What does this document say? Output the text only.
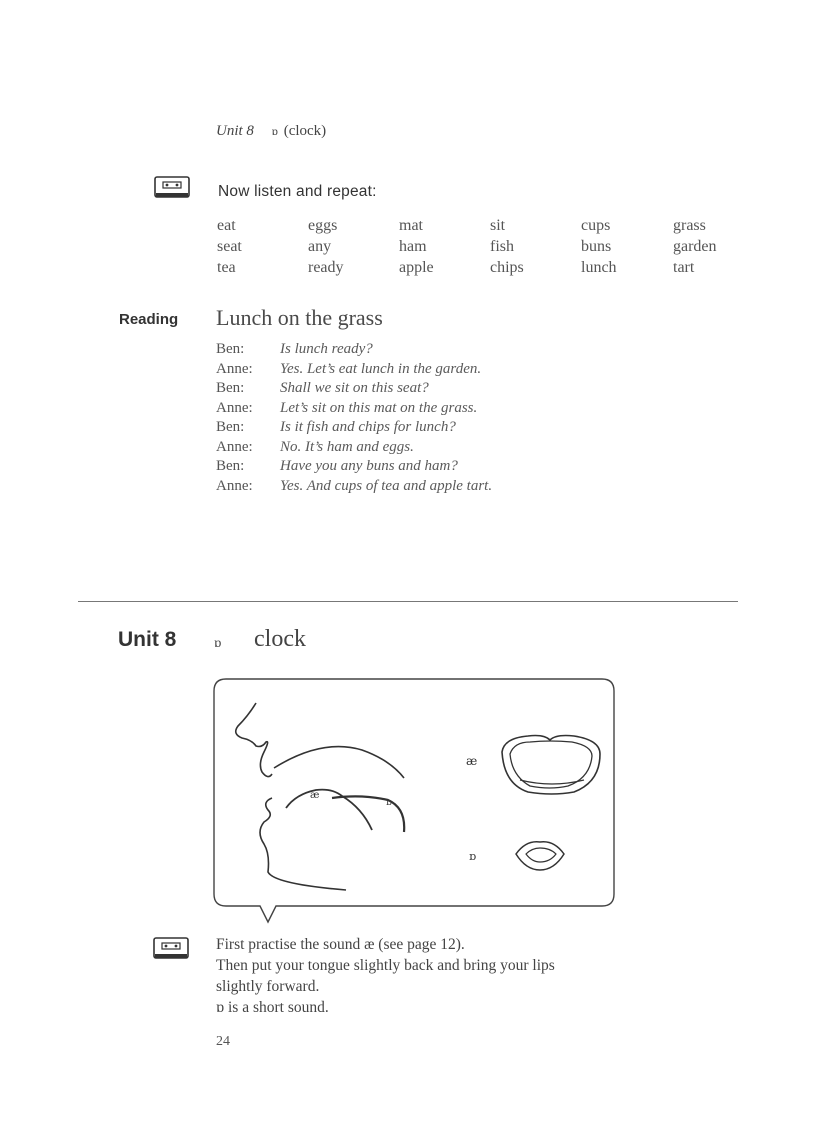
Unit 8 ɒ (clock)
Now listen and repeat:
eat
seat
tea
eggs
any
ready
mat
ham
apple
sit
fish
chips
cups
buns
lunch
grass
garden
tart
Reading Lunch on the grass
Ben: Is lunch ready?
Anne: Yes. Let’s eat lunch in the garden.
Ben: Shall we sit on this seat?
Anne: Let’s sit on this mat on the grass.
Ben: Is it fish and chips for lunch?
Anne: No. It’s ham and eggs.
Ben: Have you any buns and ham?
Anne: Yes. And cups of tea and apple tart.
Unit 8	ɒ clock
æ
ɒ
æ
ɒ
First practise the sound æ (see page 12).
Then put your tongue slightly back and bring your lips
slightly forward.
ɒ is a short sound.
24
